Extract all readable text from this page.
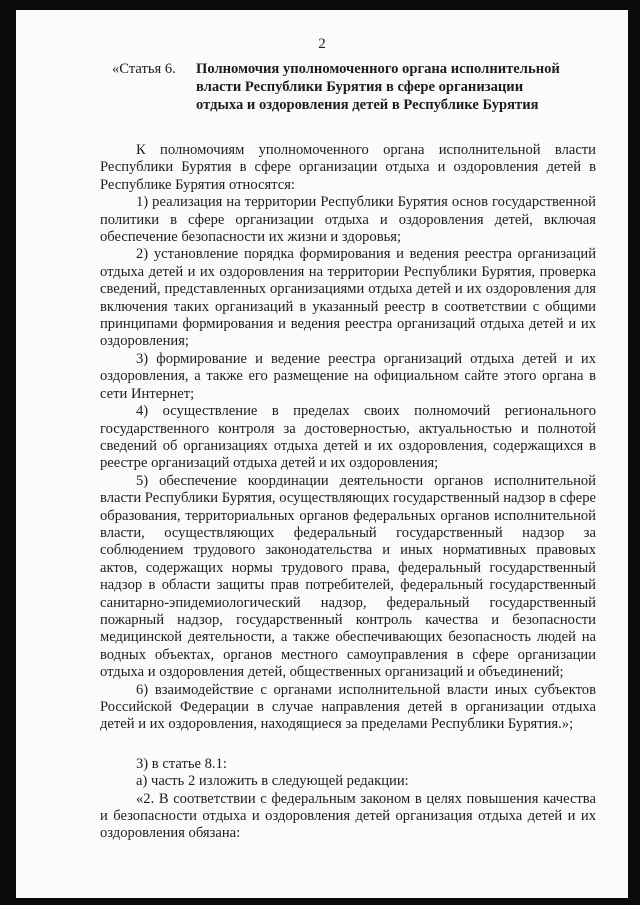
2
«Статья 6. Полномочия уполномоченного органа исполнительной
власти Республики Бурятия в сфере организации
отдыха и оздоровления детей в Республике Бурятия

К полномочиям уполномоченного органа исполнительной власти Республики Бурятия в сфере организации отдыха и оздоровления детей в Республике Бурятия относятся:

1) реализация на территории Республики Бурятия основ государственной политики в сфере организации отдыха и оздоровления детей, включая обеспечение безопасности их жизни и здоровья;

2) установление порядка формирования и ведения реестра организаций отдыха детей и их оздоровления на территории Республики Бурятия, проверка сведений, представленных организациями отдыха детей и их оздоровления для включения таких организаций в указанный реестр в соответствии с общими принципами формирования и ведения реестра организаций отдыха детей и их оздоровления;

3) формирование и ведение реестра организаций отдыха детей и их оздоровления, а также его размещение на официальном сайте этого органа в сети Интернет;

4) осуществление в пределах своих полномочий регионального государственного контроля за достоверностью, актуальностью и полнотой сведений об организациях отдыха детей и их оздоровления, содержащихся в реестре организаций отдыха детей и их оздоровления;

5) обеспечение координации деятельности органов исполнительной власти Республики Бурятия, осуществляющих государственный надзор в сфере образования, территориальных органов федеральных органов исполнительной власти, осуществляющих федеральный государственный надзор за соблюдением трудового законодательства и иных нормативных правовых актов, содержащих нормы трудового права, федеральный государственный надзор в области защиты прав потребителей, федеральный государственный санитарно-эпидемиологический надзор, федеральный государственный пожарный надзор, государственный контроль качества и безопасности медицинской деятельности, а также обеспечивающих безопасность людей на водных объектах, органов местного самоуправления в сфере организации отдыха и оздоровления детей, общественных организаций и объединений;

6) взаимодействие с органами исполнительной власти иных субъектов Российской Федерации в случае направления детей в организации отдыха детей и их оздоровления, находящиеся за пределами Республики Бурятия.»;

3) в статье 8.1:

а) часть 2 изложить в следующей редакции:

«2. В соответствии с федеральным законом в целях повышения качества и безопасности отдыха и оздоровления детей организация отдыха детей и их оздоровления обязана:
